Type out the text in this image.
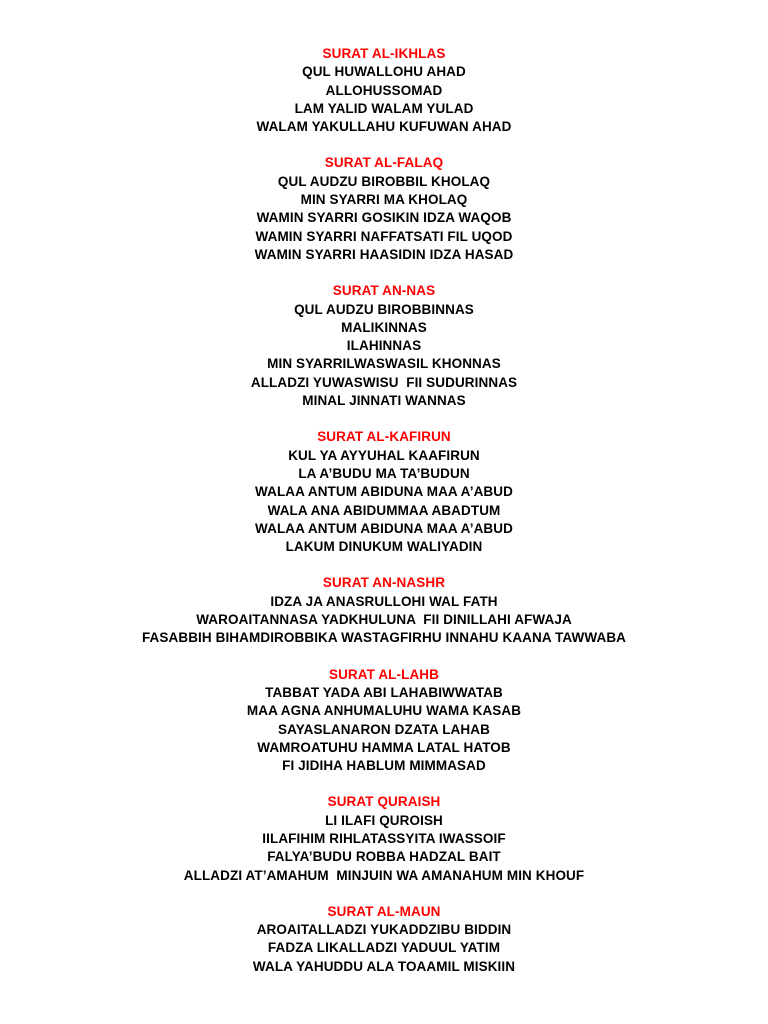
SURAT AL-IKHLAS

QUL HUWALLOHU AHAD

ALLOHUSSOMAD

LAM YALID WALAM YULAD

WALAM YAKULLAHU KUFUWAN AHAD

SURAT AL-FALAQ

QUL AUDZU BIROBBIL KHOLAQ

MIN SYARRI MA KHOLAQ

WAMIN SYARRI GOSIKIN IDZA WAQOB

WAMIN SYARRI NAFFATSATI FIL UQOD

WAMIN SYARRI HAASIDIN IDZA HASAD

SURAT AN-NAS

QUL AUDZU BIROBBINNAS

MALIKINNAS

ILAHINNAS

MIN SYARRILWASWASIL KHONNAS

ALLADZI YUWASWISU  FII SUDURINNAS

MINAL JINNATI WANNAS

SURAT AL-KAFIRUN

KUL YA AYYUHAL KAAFIRUN

LA A’BUDU MA TA’BUDUN

WALAA ANTUM ABIDUNA MAA A’ABUD

WALA ANA ABIDUMMAA ABADTUM

WALAA ANTUM ABIDUNA MAA A’ABUD

LAKUM DINUKUM WALIYADIN

SURAT AN-NASHR

IDZA JA ANASRULLOHI WAL FATH

WAROAITANNASA YADKHULUNA  FII DINILLAHI AFWAJA

FASABBIH BIHAMDIROBBIKA WASTAGFIRHU INNAHU KAANA TAWWABA

SURAT AL-LAHB

TABBAT YADA ABI LAHABIWWATAB

MAA AGNA ANHUMALUHU WAMA KASAB

SAYASLANARON DZATA LAHAB

WAMROATUHU HAMMA LATAL HATOB

FI JIDIHA HABLUM MIMMASAD

SURAT QURAISH

LI ILAFI QUROISH

IILAFIHIM RIHLATASSYITA IWASSOIF

FALYA’BUDU ROBBA HADZAL BAIT

ALLADZI AT’AMAHUM  MINJUIN WA AMANAHUM MIN KHOUF

SURAT AL-MAUN

AROAITALLADZI YUKADDZIBU BIDDIN

FADZA LIKALLADZI YADUUL YATIM

WALA YAHUDDU ALA TOAAMIL MISKIIN
